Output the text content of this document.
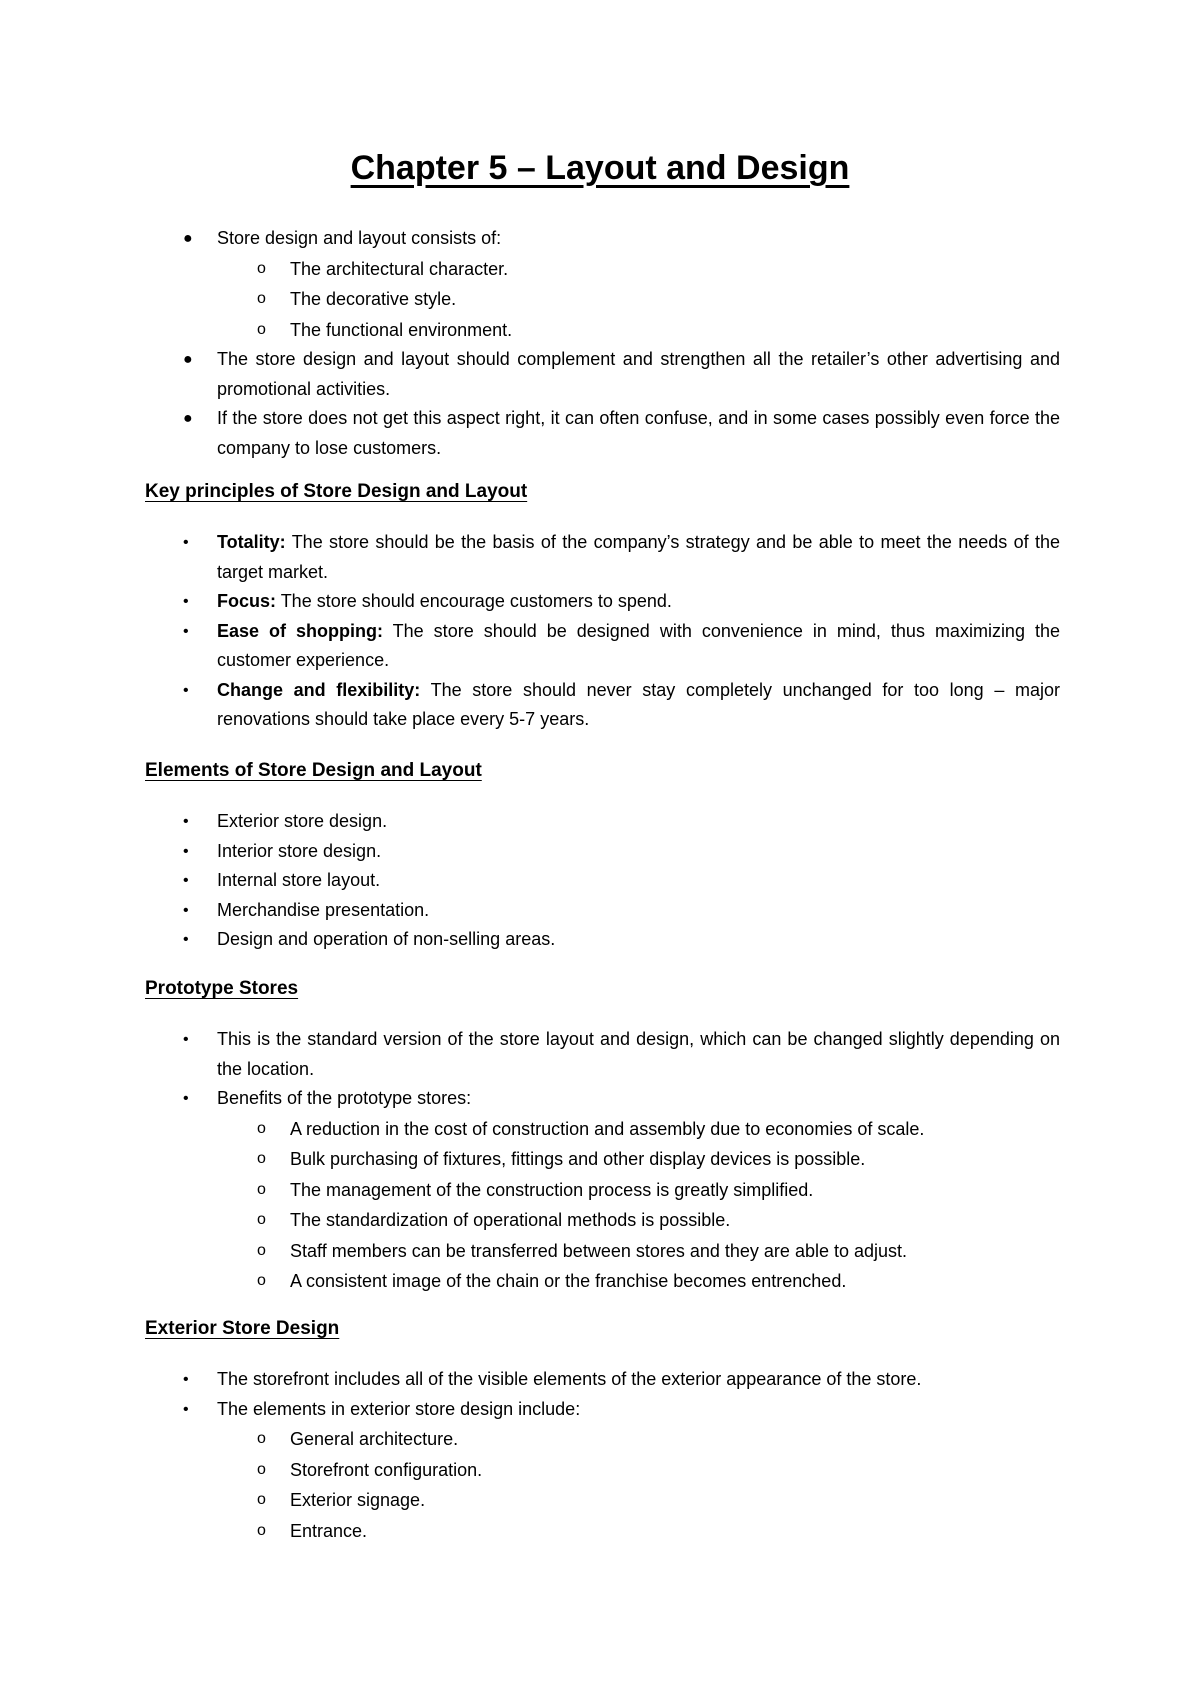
Chapter 5 – Layout and Design
● Store design and layout consists of:
o The architectural character.
o The decorative style.
o The functional environment.
● The store design and layout should complement and strengthen all the retailer’s other advertising and promotional activities.
● If the store does not get this aspect right, it can often confuse, and in some cases possibly even force the company to lose customers.

Key principles of Store Design and Layout

• Totality: The store should be the basis of the company’s strategy and be able to meet the needs of the target market.
• Focus: The store should encourage customers to spend.
• Ease of shopping: The store should be designed with convenience in mind, thus maximizing the customer experience.
• Change and flexibility: The store should never stay completely unchanged for too long – major renovations should take place every 5-7 years.

Elements of Store Design and Layout

• Exterior store design.
• Interior store design.
• Internal store layout.
• Merchandise presentation.
• Design and operation of non-selling areas.

Prototype Stores

• This is the standard version of the store layout and design, which can be changed slightly depending on the location.
• Benefits of the prototype stores:
o A reduction in the cost of construction and assembly due to economies of scale.
o Bulk purchasing of fixtures, fittings and other display devices is possible.
o The management of the construction process is greatly simplified.
o The standardization of operational methods is possible.
o Staff members can be transferred between stores and they are able to adjust.
o A consistent image of the chain or the franchise becomes entrenched.

Exterior Store Design

• The storefront includes all of the visible elements of the exterior appearance of the store.
• The elements in exterior store design include:
o General architecture.
o Storefront configuration.
o Exterior signage.
o Entrance.
